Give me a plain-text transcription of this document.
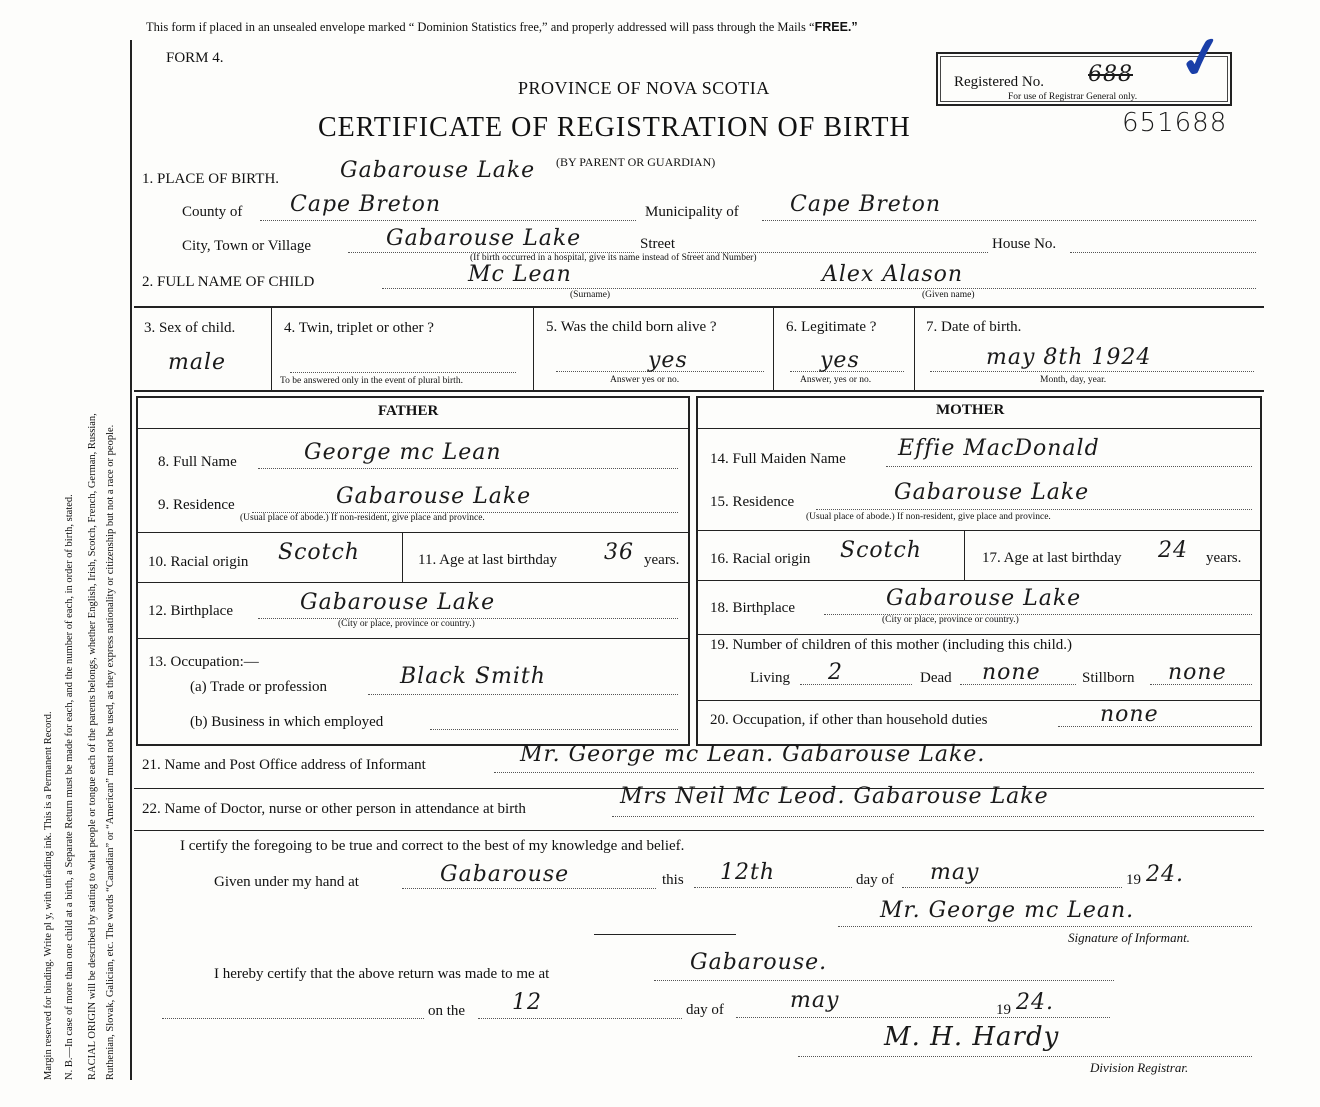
Margin reserved for binding. Write pl y, with unfading ink. This is a Permanent Record. N. B.—In case of more than one child at a birth, a Separate Return must be made for each, and the number of each, in order of birth, stated. RACIAL ORIGIN will be described by stating to what people or tongue each of the parents belongs, whether English, Irish, Scotch, French, German, Russian, Ruthenian, Slovak, Galician, etc. The words “Canadian” or “American” must not be used, as they express nationality or citizenship but not a race or people.
This form if placed in an unsealed envelope marked “ Dominion Statistics free,” and properly addressed will pass through the Mails “FREE.”
FORM 4.
PROVINCE OF NOVA SCOTIA
CERTIFICATE OF REGISTRATION OF BIRTH
Registered No. 688
For use of Registrar General only.
✓
651688
1. PLACE OF BIRTH.	Gabarouse Lake (BY PARENT OR GUARDIAN)
County of Cape Breton	Municipality of Cape Breton
City, Town or Village	Gabarouse Lake	Street	House No.
(If birth occurred in a hospital, give its name instead of Street and Number)
2. FULL NAME OF CHILD	Mc Lean
(Surname)
Alex Alason
(Given name)
3. Sex of child.
male
4. Twin, triplet or other ?
To be answered only in the event of plural birth.
5. Was the child born alive ?
yes
Answer yes or no.
6. Legitimate ?
yes
Answer, yes or no.
7. Date of birth.
may 8th 1924
Month, day, year.
FATHER	MOTHER
8. Full Name	George mc Lean
9. Residence	Gabarouse Lake
(Usual place of abode.) If non-resident, give place and province.
10. Racial origin Scotch	11. Age at last birthday 36 years.
12. Birthplace	Gabarouse Lake
(City or place, province or country.)
13. Occupation:—
(a) Trade or profession	Black Smith
(b) Business in which employed
14. Full Maiden Name Effie MacDonald
15. Residence	Gabarouse Lake
(Usual place of abode.) If non-resident, give place and province.
16. Racial origin Scotch	17. Age at last birthday 24 years.
18. Birthplace	Gabarouse Lake
(City or place, province or country.)
19. Number of children of this mother (including this child.)
Living 2	Dead none	Stillborn none
20. Occupation, if other than household duties	none
21. Name and Post Office address of Informant	Mr. George mc Lean. Gabarouse Lake.
22. Name of Doctor, nurse or other person in attendance at birth	Mrs Neil Mc Leod. Gabarouse Lake
I certify the foregoing to be true and correct to the best of my knowledge and belief.
Given under my hand at	Gabarouse	this 12th	day of may	19 24.
Mr. George mc Lean.
Signature of Informant.
I hereby certify that the above return was made to me at	Gabarouse.
on the 12	day of	may	19 24.
M. H. Hardy
Division Registrar.
